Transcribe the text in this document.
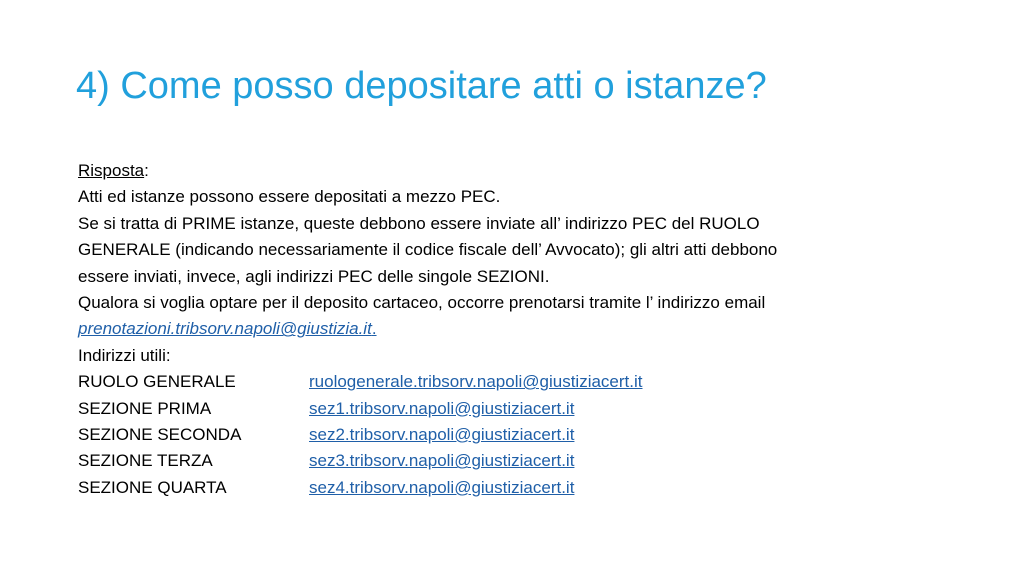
4) Come posso depositare atti o istanze?
Risposta:
Atti ed istanze possono essere depositati a mezzo PEC.
Se si tratta di PRIME istanze, queste debbono essere inviate all’ indirizzo PEC del RUOLO
GENERALE (indicando necessariamente il codice fiscale dell’ Avvocato); gli altri atti debbono
essere inviati, invece, agli indirizzi PEC delle singole SEZIONI.
Qualora si voglia optare per il deposito cartaceo, occorre prenotarsi tramite l’ indirizzo email
prenotazioni.tribsorv.napoli@giustizia.it.
Indirizzi utili:
RUOLO GENERALE	ruologenerale.tribsorv.napoli@giustiziacert.it
SEZIONE PRIMA	sez1.tribsorv.napoli@giustiziacert.it
SEZIONE SECONDA	sez2.tribsorv.napoli@giustiziacert.it
SEZIONE TERZA	sez3.tribsorv.napoli@giustiziacert.it
SEZIONE QUARTA	sez4.tribsorv.napoli@giustiziacert.it
